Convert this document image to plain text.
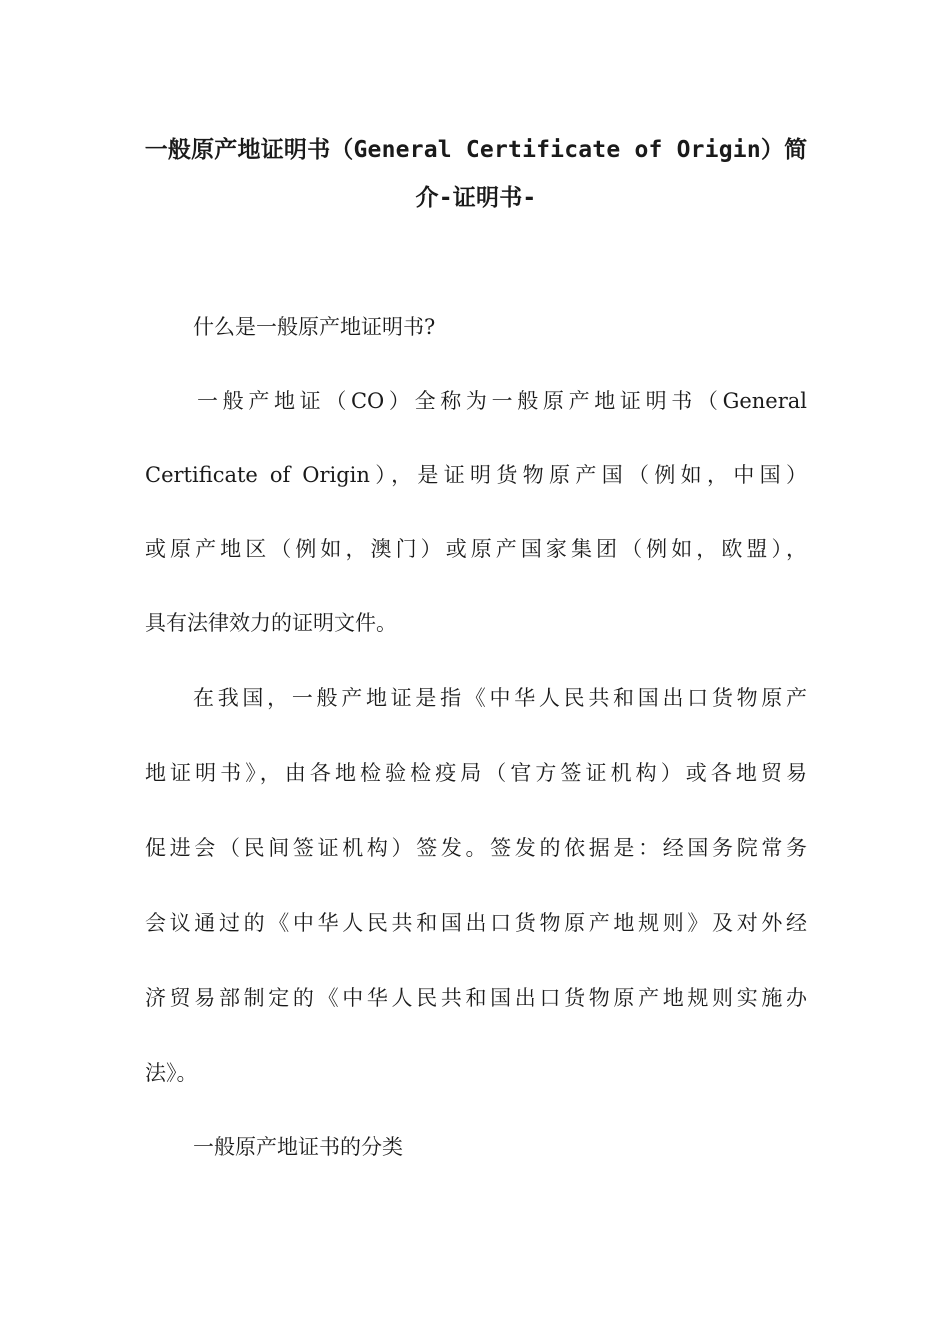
一般原产地证明书（General Certificate of Origin）简
介-证明书-

什么是一般原产地证明书?

一般产地证（CO）全称为一般原产地证明书（General

Certificate of Origin），是证明货物原产国（例如，中国）

或原产地区（例如，澳门）或原产国家集团（例如，欧盟），

具有法律效力的证明文件。

在我国，一般产地证是指《中华人民共和国出口货物原产

地证明书》，由各地检验检疫局（官方签证机构）或各地贸易

促进会（民间签证机构）签发。签发的依据是：经国务院常务

会议通过的《中华人民共和国出口货物原产地规则》及对外经

济贸易部制定的《中华人民共和国出口货物原产地规则实施办

法》。

一般原产地证书的分类
